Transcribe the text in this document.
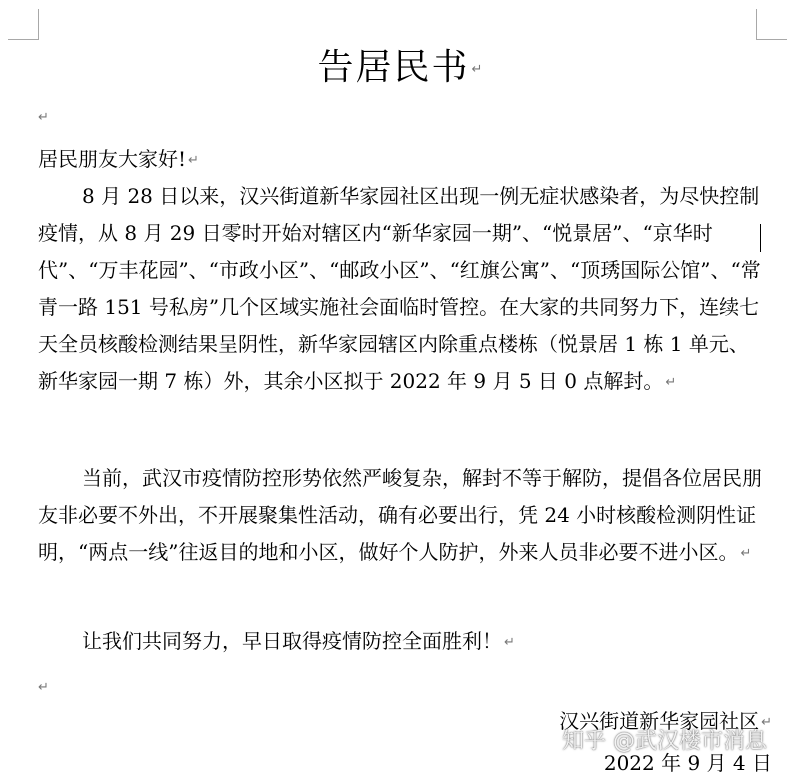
告居民书 ↵
↵

居民朋友大家好! ↵

8 月 28 日以来，汉兴街道新华家园社区出现一例无症状感染者，为尽快控制疫情，从 8 月 29 日零时开始对辖区内“新华家园一期”、“悦景居”、“京华时代”、“万丰花园”、“市政小区”、“邮政小区”、“红旗公寓”、“顶琇国际公馆”、“常青一路 151 号私房”几个区域实施社会面临时管控。在大家的共同努力下，连续七天全员核酸检测结果呈阴性，新华家园辖区内除重点楼栋（悦景居 1 栋 1 单元、新华家园一期 7 栋）外，其余小区拟于 2022 年 9 月 5 日 0 点解封。 ↵

当前，武汉市疫情防控形势依然严峻复杂，解封不等于解防，提倡各位居民朋友非必要不外出，不开展聚集性活动，确有必要出行，凭 24 小时核酸检测阴性证明，“两点一线”往返目的地和小区，做好个人防护，外来人员非必要不进小区。 ↵

让我们共同努力，早日取得疫情防控全面胜利！ ↵

↵
汉兴街道新华家园社区 ↵
2022 年 9 月 4 日
知乎 @武汉楼市消息
